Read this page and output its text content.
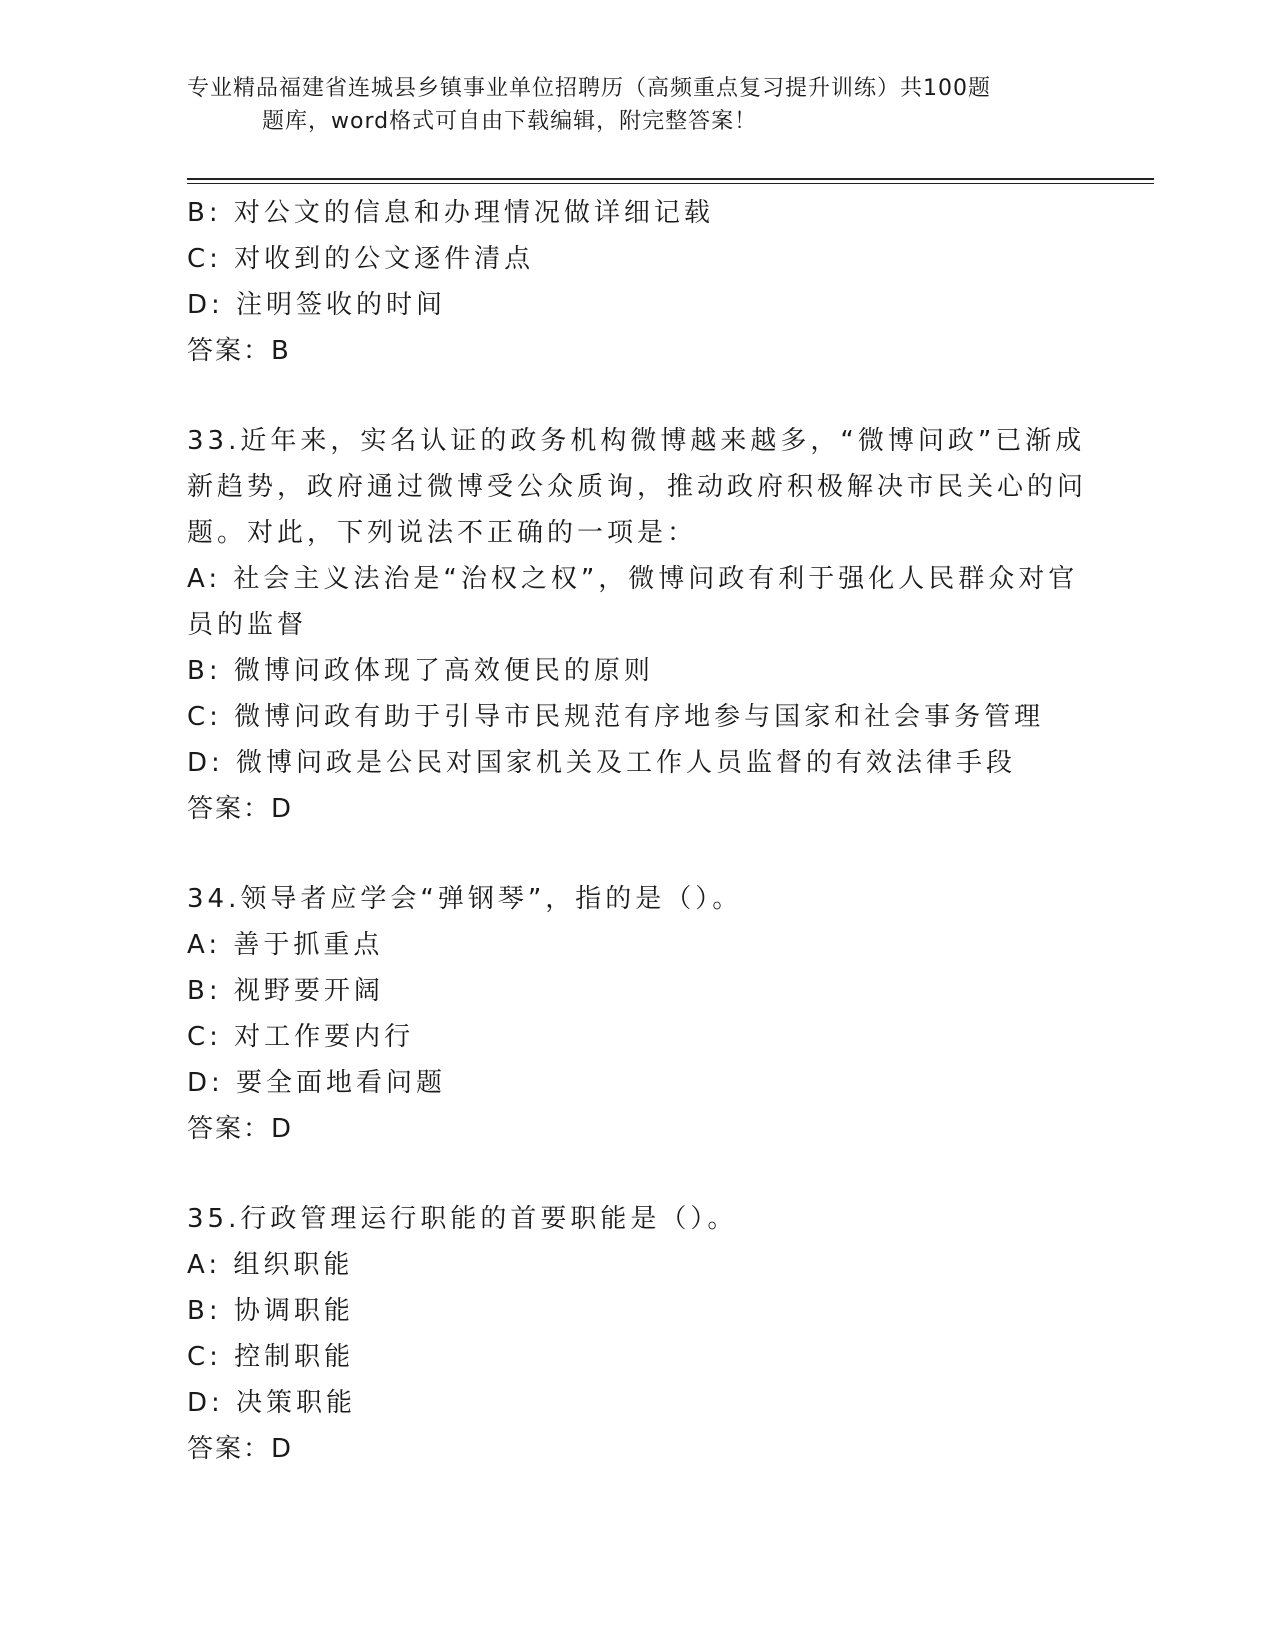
专业精品福建省连城县乡镇事业单位招聘历（高频重点复习提升训练）共100题
题库，word格式可自由下载编辑，附完整答案！
B: 对公文的信息和办理情况做详细记载
C: 对收到的公文逐件清点
D: 注明签收的时间
答案：B
33.近年来，实名认证的政务机构微博越来越多，“微博问政”已渐成
新趋势，政府通过微博受公众质询，推动政府积极解决市民关心的问
题。对此，下列说法不正确的一项是：
A: 社会主义法治是“治权之权”，微博问政有利于强化人民群众对官
员的监督
B: 微博问政体现了高效便民的原则
C: 微博问政有助于引导市民规范有序地参与国家和社会事务管理
D: 微博问政是公民对国家机关及工作人员监督的有效法律手段
答案：D
34.领导者应学会“弹钢琴”，指的是（）。
A: 善于抓重点
B: 视野要开阔
C: 对工作要内行
D: 要全面地看问题
答案：D
35.行政管理运行职能的首要职能是（）。
A: 组织职能
B: 协调职能
C: 控制职能
D: 决策职能
答案：D
